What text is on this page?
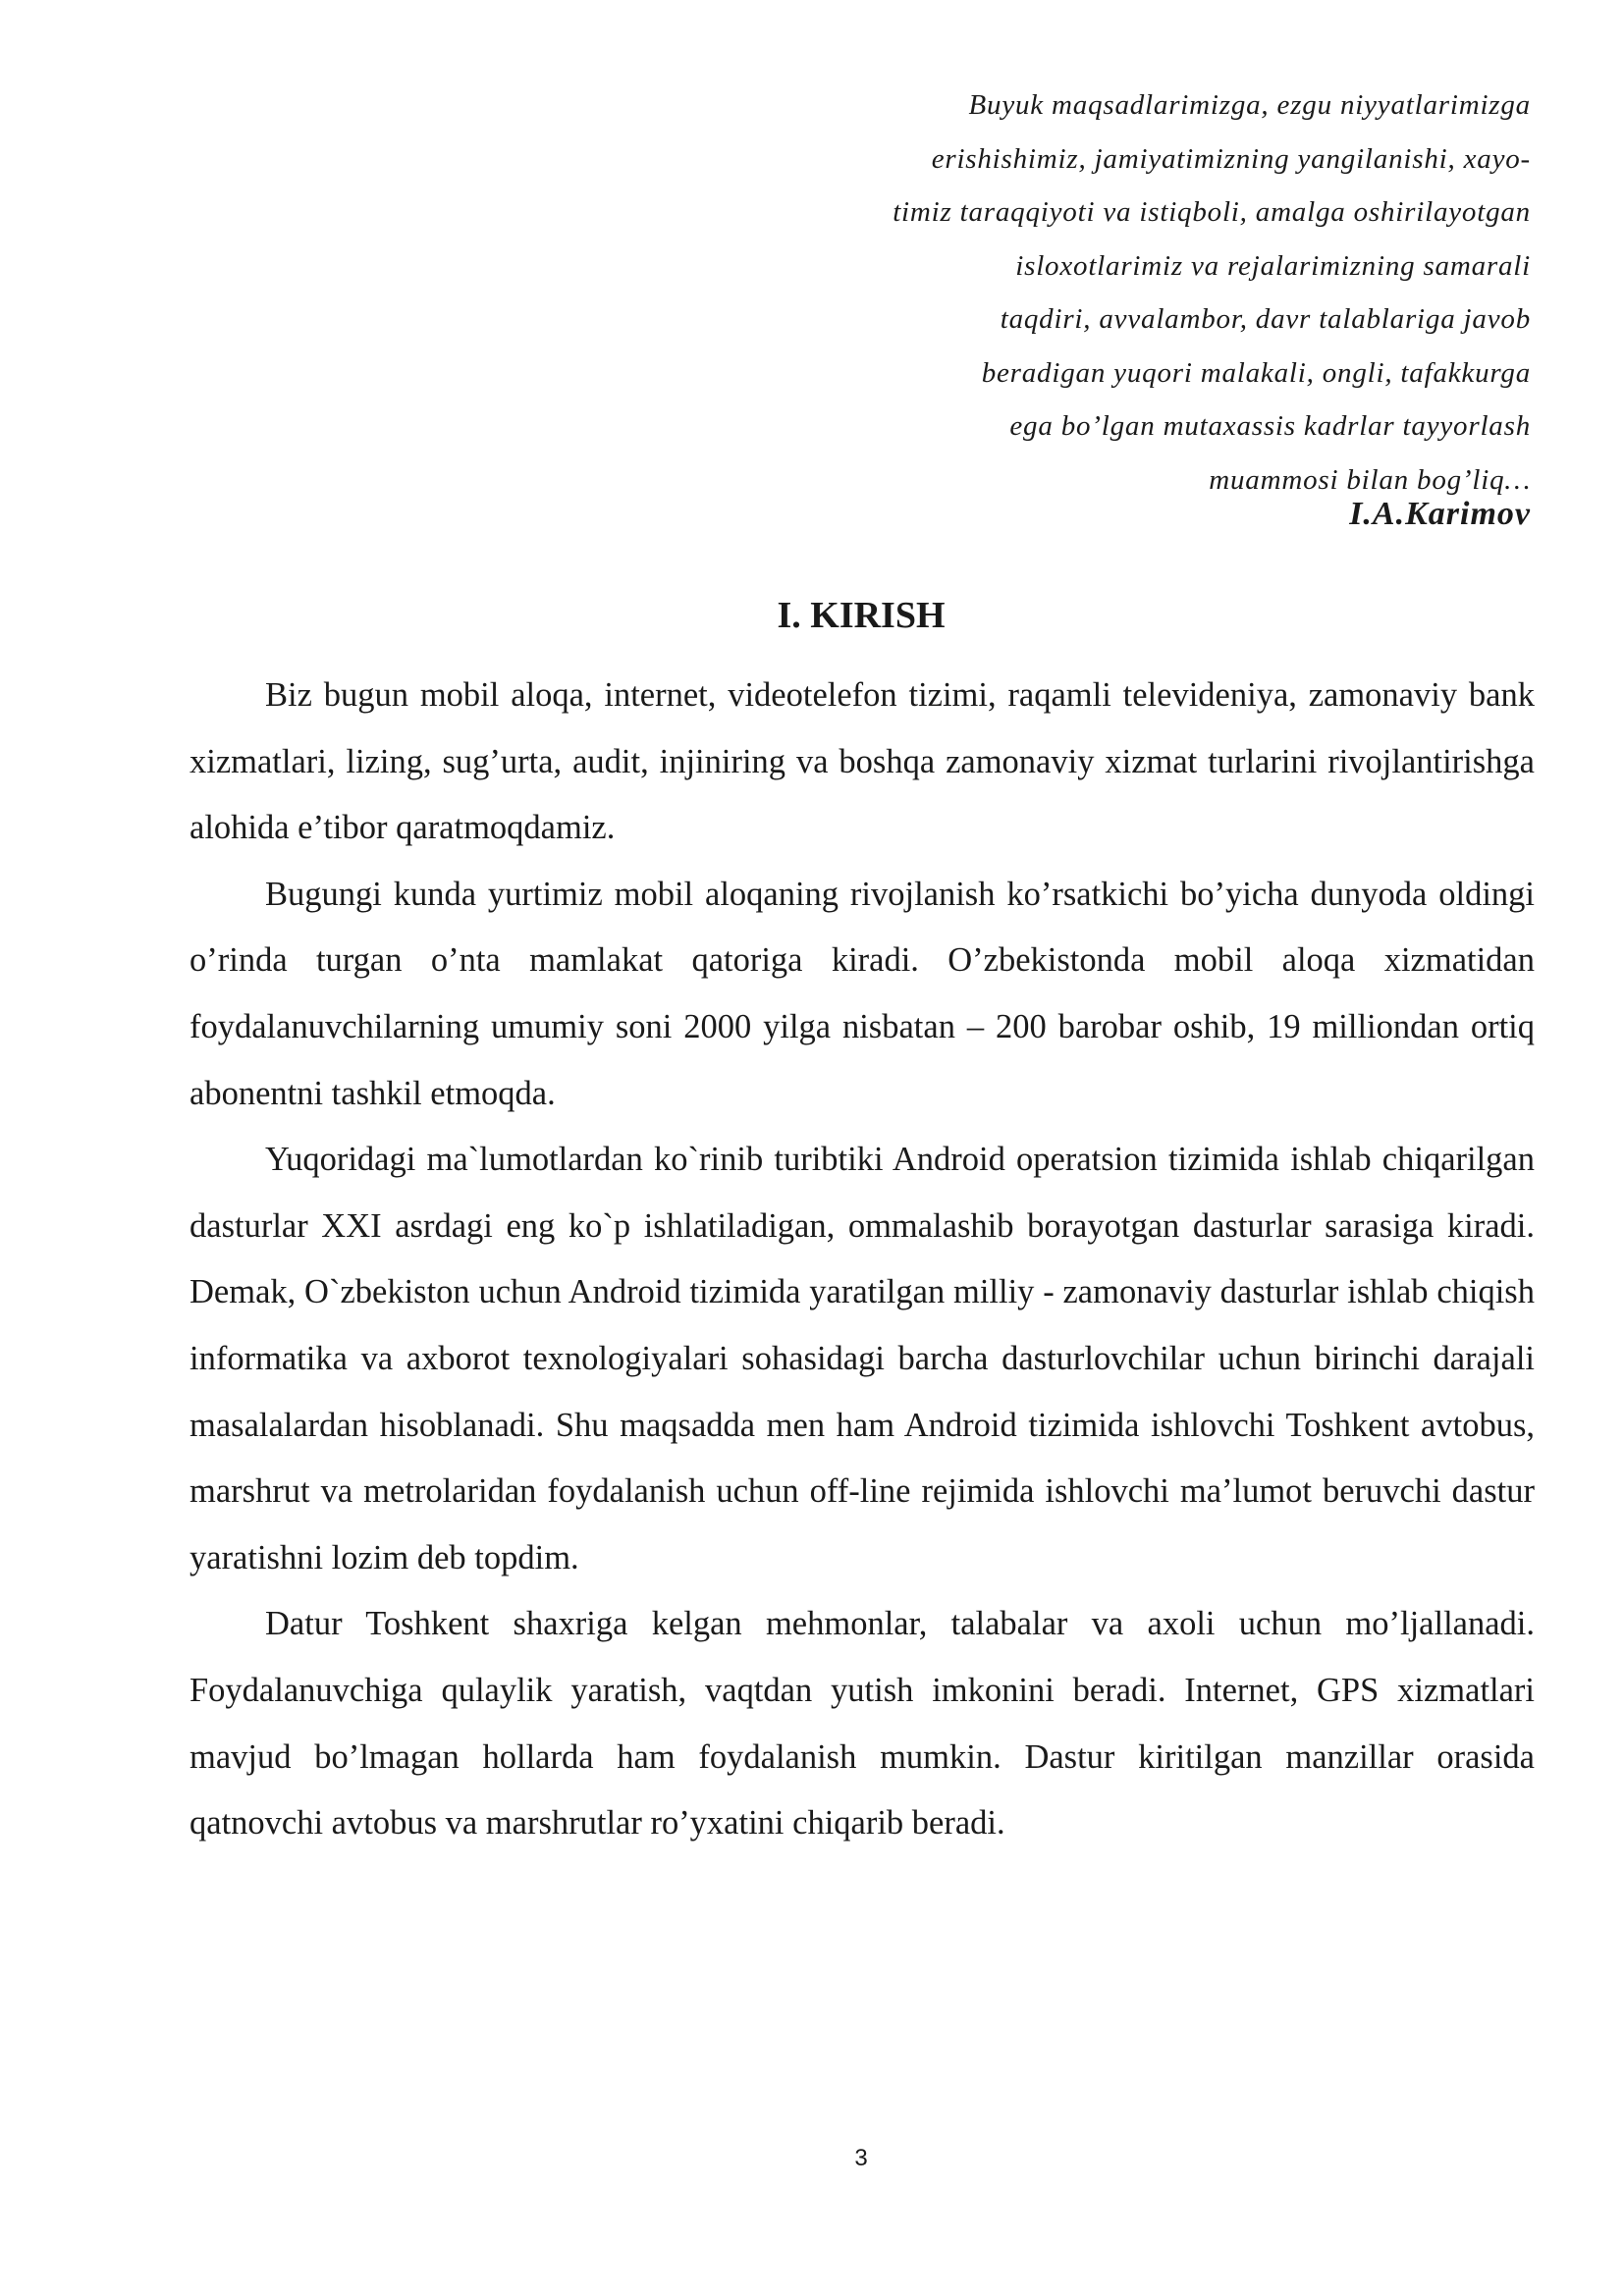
Buyuk maqsadlarimizga, ezgu niyyatlarimizga
erishishimiz, jamiyatimizning yangilanishi, xayo-
timiz taraqqiyoti va istiqboli, amalga oshirilayotgan
isloxotlarimiz va rejalarimizning samarali
taqdiri, avvalambor, davr talablariga javob
beradigan yuqori malakali, ongli, tafakkurga
ega bo’lgan mutaxassis kadrlar tayyorlash
muammosi bilan bog’liq…
I.A.Karimov
I. KIRISH

Biz bugun mobil aloqa, internet, videotelefon tizimi, raqamli televideniya, zamonaviy bank xizmatlari, lizing, sug’urta, audit, injiniring va boshqa zamonaviy xizmat turlarini rivojlantirishga alohida e’tibor qaratmoqdamiz.

Bugungi kunda yurtimiz mobil aloqaning rivojlanish ko’rsatkichi bo’yicha dunyoda oldingi o’rinda turgan o’nta mamlakat qatoriga kiradi. O’zbekistonda mobil aloqa xizmatidan foydalanuvchilarning umumiy soni 2000 yilga nisbatan – 200 barobar oshib, 19 milliondan ortiq abonentni tashkil etmoqda.

Yuqoridagi ma`lumotlardan ko`rinib turibtiki Android operatsion tizimida ishlab chiqarilgan dasturlar XXI asrdagi eng ko`p ishlatiladigan, ommalashib borayotgan dasturlar sarasiga kiradi. Demak, O`zbekiston uchun Android tizimida yaratilgan milliy - zamonaviy dasturlar ishlab chiqish informatika va axborot texnologiyalari sohasidagi barcha dasturlovchilar uchun birinchi darajali masalalardan hisoblanadi. Shu maqsadda men ham Android tizimida ishlovchi Toshkent avtobus, marshrut va metrolaridan foydalanish uchun off-line rejimida ishlovchi ma’lumot beruvchi dastur yaratishni lozim deb topdim.

Datur Toshkent shaxriga kelgan mehmonlar, talabalar va axoli uchun mo’ljallanadi. Foydalanuvchiga qulaylik yaratish, vaqtdan yutish imkonini beradi. Internet, GPS xizmatlari mavjud bo’lmagan hollarda ham foydalanish mumkin. Dastur kiritilgan manzillar orasida qatnovchi avtobus va marshrutlar ro’yxatini chiqarib beradi.

3
